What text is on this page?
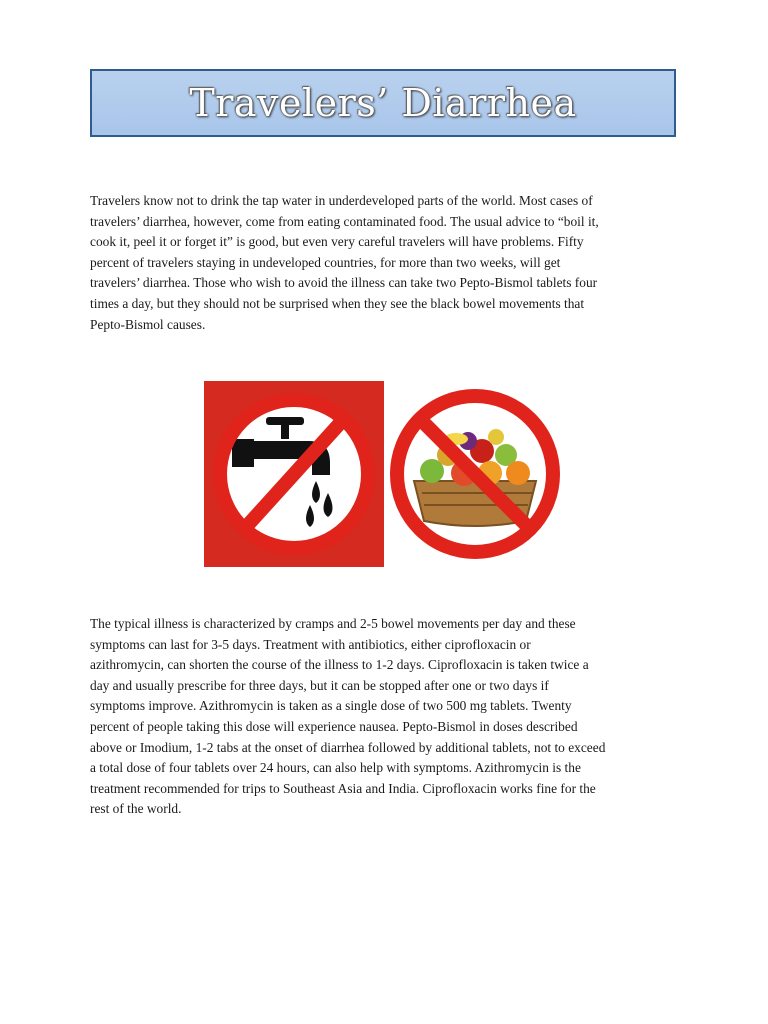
Travelers’ Diarrhea

Travelers know not to drink the tap water in underdeveloped parts of the world. Most cases of
travelers’ diarrhea, however, come from eating contaminated food. The usual advice to “boil it,
cook it, peel it or forget it” is good, but even very careful travelers will have problems. Fifty
percent of travelers staying in undeveloped countries, for more than two weeks, will get
travelers’ diarrhea. Those who wish to avoid the illness can take two Pepto-Bismol tablets four
times a day, but they should not be surprised when they see the black bowel movements that
Pepto-Bismol causes.

The typical illness is characterized by cramps and 2-5 bowel movements per day and these
symptoms can last for 3-5 days. Treatment with antibiotics, either ciprofloxacin or
azithromycin, can shorten the course of the illness to 1-2 days. Ciprofloxacin is taken twice a
day and usually prescribe for three days, but it can be stopped after one or two days if
symptoms improve. Azithromycin is taken as a single dose of two 500 mg tablets. Twenty
percent of people taking this dose will experience nausea. Pepto-Bismol in doses described
above or Imodium, 1-2 tabs at the onset of diarrhea followed by additional tablets, not to exceed
a total dose of four tablets over 24 hours, can also help with symptoms. Azithromycin is the
treatment recommended for trips to Southeast Asia and India. Ciprofloxacin works fine for the
rest of the world.
